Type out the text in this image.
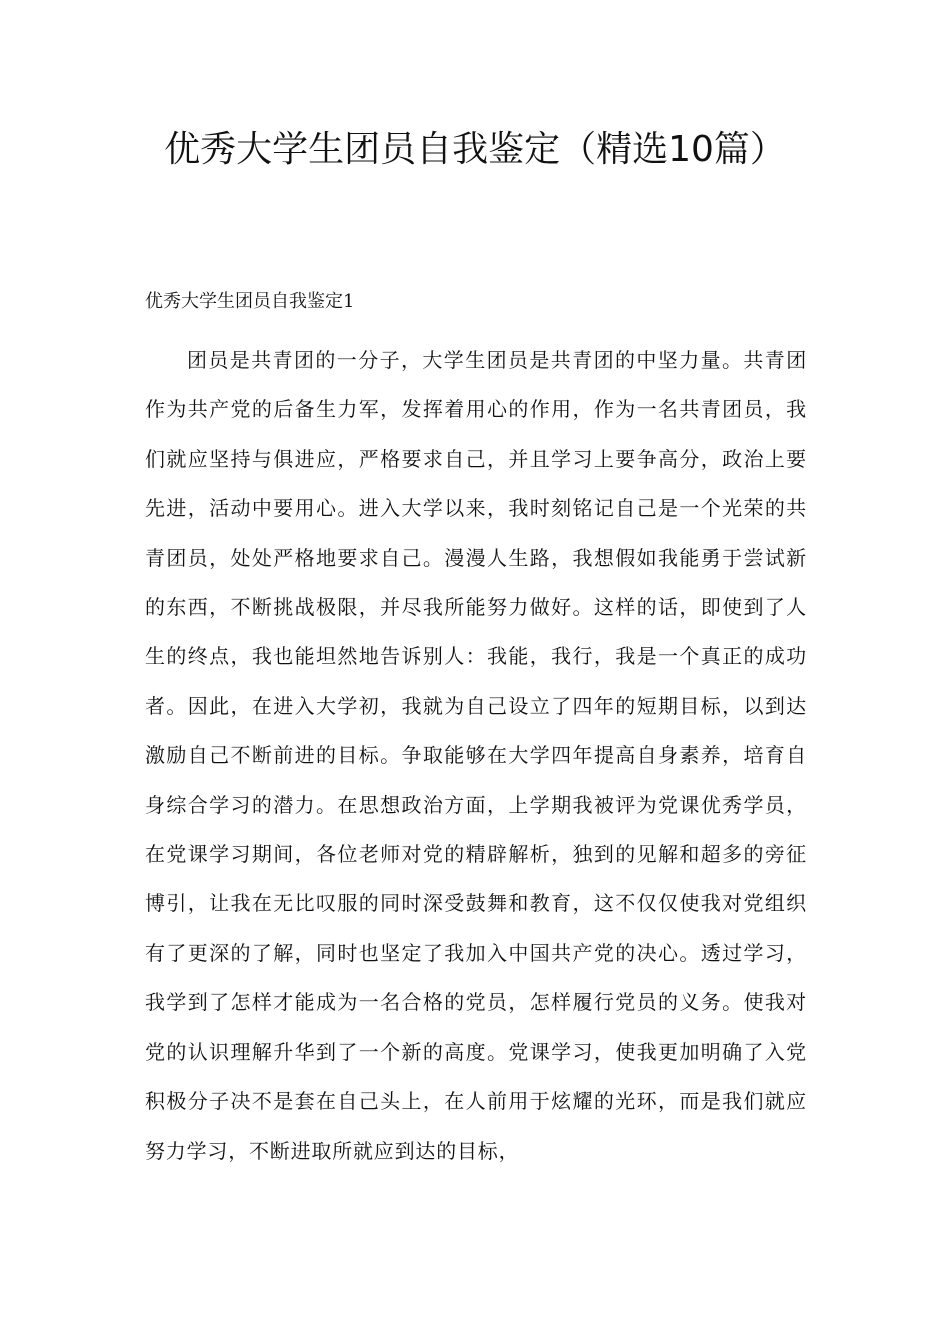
优秀大学生团员自我鉴定（精选10篇）

优秀大学生团员自我鉴定1

团员是共青团的一分子，大学生团员是共青团的中坚力量。共青团作为共产党的后备生力军，发挥着用心的作用，作为一名共青团员，我们就应坚持与俱进应，严格要求自己，并且学习上要争高分，政治上要先进，活动中要用心。进入大学以来，我时刻铭记自己是一个光荣的共青团员，处处严格地要求自己。漫漫人生路，我想假如我能勇于尝试新的东西，不断挑战极限，并尽我所能努力做好。这样的话，即使到了人生的终点，我也能坦然地告诉别人：我能，我行，我是一个真正的成功者。因此，在进入大学初，我就为自己设立了四年的短期目标，以到达激励自己不断前进的目标。争取能够在大学四年提高自身素养，培育自身综合学习的潜力。在思想政治方面，上学期我被评为党课优秀学员，在党课学习期间，各位老师对党的精辟解析，独到的见解和超多的旁征博引，让我在无比叹服的同时深受鼓舞和教育，这不仅仅使我对党组织有了更深的了解，同时也坚定了我加入中国共产党的决心。透过学习，我学到了怎样才能成为一名合格的党员，怎样履行党员的义务。使我对党的认识理解升华到了一个新的高度。党课学习，使我更加明确了入党积极分子决不是套在自己头上，在人前用于炫耀的光环，而是我们就应努力学习，不断进取所就应到达的目标，
